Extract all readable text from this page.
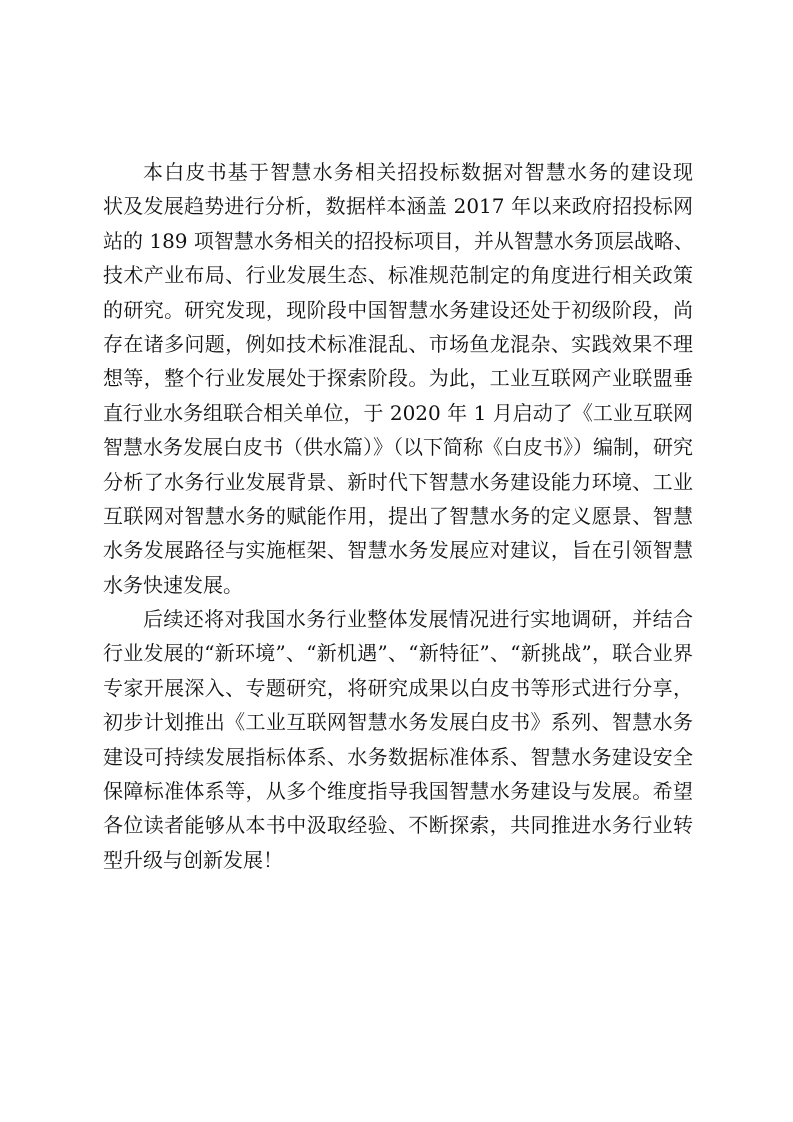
本白皮书基于智慧水务相关招投标数据对智慧水务的建设现
状及发展趋势进行分析，数据样本涵盖 2017 年以来政府招投标网
站的 189 项智慧水务相关的招投标项目，并从智慧水务顶层战略、
技术产业布局、行业发展生态、标准规范制定的角度进行相关政策
的研究。研究发现，现阶段中国智慧水务建设还处于初级阶段，尚
存在诸多问题，例如技术标准混乱、市场鱼龙混杂、实践效果不理
想等，整个行业发展处于探索阶段。为此，工业互联网产业联盟垂
直行业水务组联合相关单位，于 2020 年 1 月启动了《工业互联网
智慧水务发展白皮书（供水篇）》（以下简称《白皮书》）编制，研究
分析了水务行业发展背景、新时代下智慧水务建设能力环境、工业
互联网对智慧水务的赋能作用，提出了智慧水务的定义愿景、智慧
水务发展路径与实施框架、智慧水务发展应对建议，旨在引领智慧
水务快速发展。
后续还将对我国水务行业整体发展情况进行实地调研，并结合
行业发展的“新环境”、“新机遇”、“新特征”、“新挑战”，联合业界
专家开展深入、专题研究，将研究成果以白皮书等形式进行分享，
初步计划推出《工业互联网智慧水务发展白皮书》系列、智慧水务
建设可持续发展指标体系、水务数据标准体系、智慧水务建设安全
保障标准体系等，从多个维度指导我国智慧水务建设与发展。希望
各位读者能够从本书中汲取经验、不断探索，共同推进水务行业转
型升级与创新发展！
